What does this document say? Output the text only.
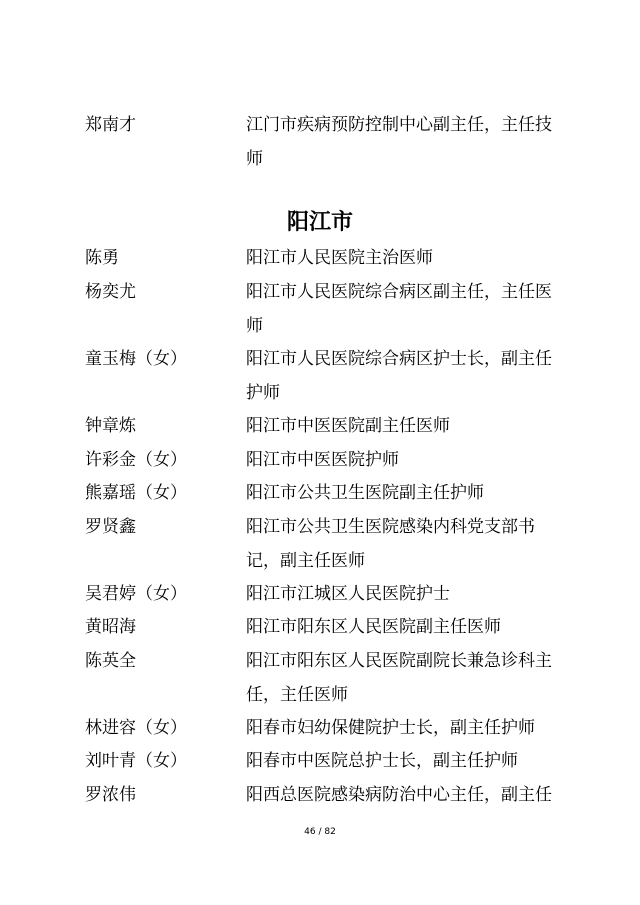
郑南才	江门市疾病预防控制中心副主任，主任技师
阳江市
陈勇	阳江市人民医院主治医师
杨奕尤	阳江市人民医院综合病区副主任，主任医师
童玉梅（女）	阳江市人民医院综合病区护士长，副主任护师
钟章炼	阳江市中医医院副主任医师
许彩金（女）	阳江市中医医院护师
熊嘉瑶（女）	阳江市公共卫生医院副主任护师
罗贤鑫	阳江市公共卫生医院感染内科党支部书记，副主任医师
吴君婷（女）	阳江市江城区人民医院护士
黄昭海	阳江市阳东区人民医院副主任医师
陈英全	阳江市阳东区人民医院副院长兼急诊科主任，主任医师
林进容（女）	阳春市妇幼保健院护士长，副主任护师
刘叶青（女）	阳春市中医院总护士长，副主任护师
罗浓伟	阳西总医院感染病防治中心主任，副主任
46 / 82
